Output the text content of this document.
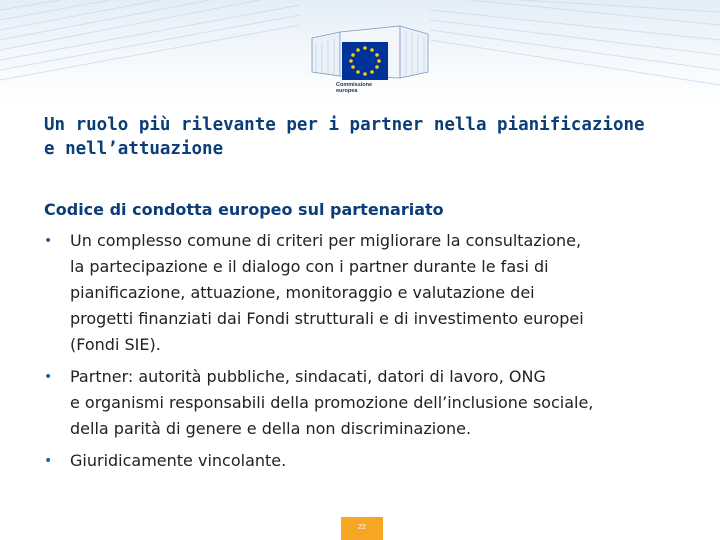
Commissione
europea
Un ruolo più rilevante per i partner nella pianificazione
e nell’attuazione
Codice di condotta europeo sul partenariato
• Un complesso comune di criteri per migliorare la consultazione,
la partecipazione e il dialogo con i partner durante le fasi di
pianificazione, attuazione, monitoraggio e valutazione dei
progetti finanziati dai Fondi strutturali e di investimento europei
(Fondi SIE).
• Partner: autorità pubbliche, sindacati, datori di lavoro, ONG
e organismi responsabili della promozione dell’inclusione sociale,
della parità di genere e della non discriminazione.
• Giuridicamente vincolante.
22
